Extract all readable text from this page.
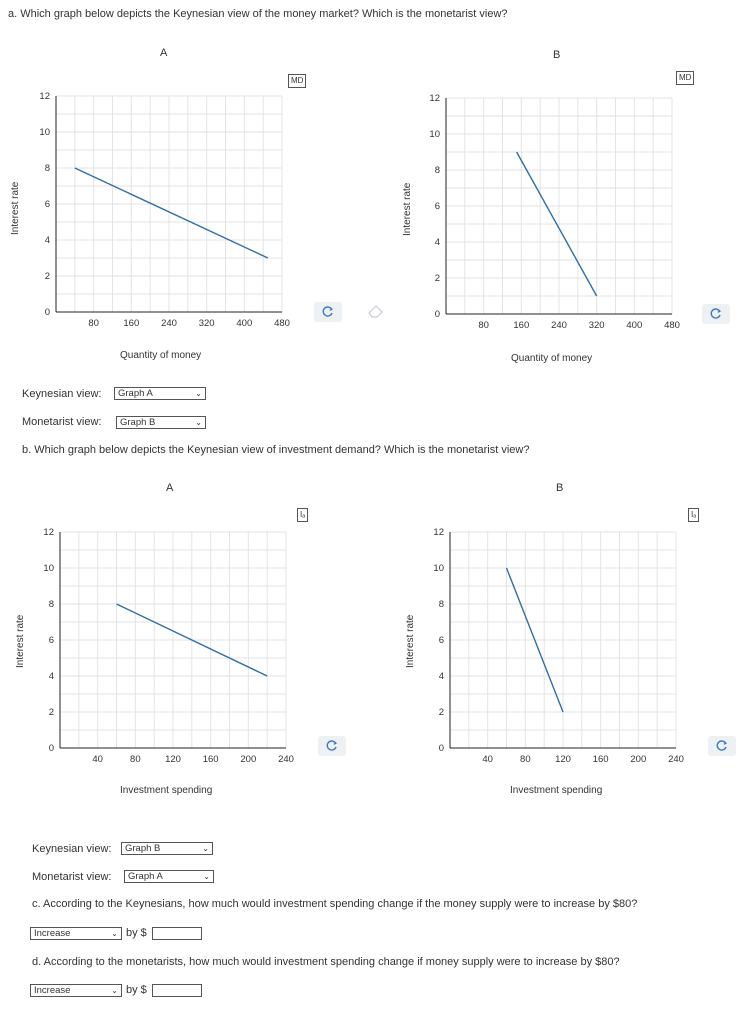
a. Which graph below depicts the Keynesian view of the money market? Which is the monetarist view?
A
MD
Interest rate
12
10
8
6
4
2
0
80	160 240 320 400 480
Quantity of money
B
MD
Interest rate
12
10
8
6
4
2
0
80	160 240 320 400 480
Quantity of money
Keynesian view: Graph A	⌄
Monetarist view: Graph B	⌄
b. Which graph below depicts the Keynesian view of investment demand? Which is the monetarist view?
A
Iₐ
Interest rate
12
10
8
6
4
2
0
40	80	120 160 200 240
Investment spending
B
Iₐ
Interest rate
12
10
8
6
4
2
0
40	80	120 160 200 240
Investment spending
Keynesian view: Graph B	⌄
Monetarist view: Graph A	⌄
c. According to the Keynesians, how much would investment spending change if the money supply were to increase by $80?
Increase	⌄ by $
d. According to the monetarists, how much would investment spending change if money supply were to increase by $80?
Increase	⌄ by $
